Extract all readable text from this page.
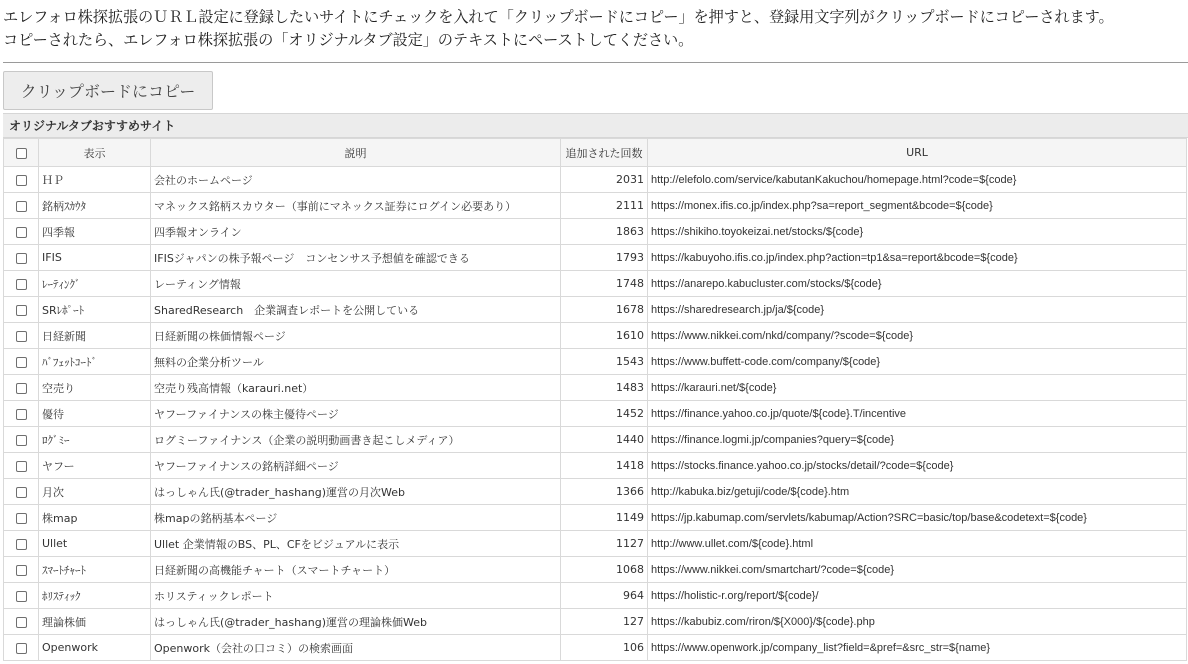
エレフォロ株探拡張のＵＲＬ設定に登録したいサイトにチェックを入れて「クリップボードにコピー」を押すと、登録用文字列がクリップボードにコピーされます。

コピーされたら、エレフォロ株探拡張の「オリジナルタブ設定」のテキストにペーストしてください。

クリップボードにコピー
オリジナルタブおすすめサイト
	表示	説明	追加された回数	URL
	ＨＰ	会社のホームページ	2031	http://elefolo.com/service/kabutanKakuchou/homepage.html?code=${code}
	銘柄ｽｶｳﾀ	マネックス銘柄スカウター（事前にマネックス証券にログイン必要あり）	2111	https://monex.ifis.co.jp/index.php?sa=report_segment&bcode=${code}
	四季報	四季報オンライン	1863	https://shikiho.toyokeizai.net/stocks/${code}
	IFIS	IFISジャパンの株予報ページ　コンセンサス予想値を確認できる	1793	https://kabuyoho.ifis.co.jp/index.php?action=tp1&sa=report&bcode=${code}
	ﾚｰﾃｨﾝｸﾞ	レーティング情報	1748	https://anarepo.kabucluster.com/stocks/${code}
	SRﾚﾎﾟｰﾄ	SharedResearch　企業調査レポートを公開している	1678	https://sharedresearch.jp/ja/${code}
	日経新聞	日経新聞の株価情報ページ	1610	https://www.nikkei.com/nkd/company/?scode=${code}
	ﾊﾞﾌｪｯﾄｺｰﾄﾞ	無料の企業分析ツール	1543	https://www.buffett-code.com/company/${code}
	空売り	空売り残高情報（karauri.net）	1483	https://karauri.net/${code}
	優待	ヤフーファイナンスの株主優待ページ	1452	https://finance.yahoo.co.jp/quote/${code}.T/incentive
	ﾛｸﾞﾐｰ	ログミーファイナンス（企業の説明動画書き起こしメディア）	1440	https://finance.logmi.jp/companies?query=${code}
	ヤフー	ヤフーファイナンスの銘柄詳細ページ	1418	https://stocks.finance.yahoo.co.jp/stocks/detail/?code=${code}
	月次	はっしゃん氏(@trader_hashang)運営の月次Web	1366	http://kabuka.biz/getuji/code/${code}.htm
	株map	株mapの銘柄基本ページ	1149	https://jp.kabumap.com/servlets/kabumap/Action?SRC=basic/top/base&codetext=${code}
	Ullet	Ullet 企業情報のBS、PL、CFをビジュアルに表示	1127	http://www.ullet.com/${code}.html
	ｽﾏｰﾄﾁｬｰﾄ	日経新聞の高機能チャート（スマートチャート）	1068	https://www.nikkei.com/smartchart/?code=${code}
	ﾎﾘｽﾃｨｯｸ	ホリスティックレポート	964	https://holistic-r.org/report/${code}/
	理論株価	はっしゃん氏(@trader_hashang)運営の理論株価Web	127	https://kabubiz.com/riron/${X000}/${code}.php
	Openwork	Openwork（会社の口コミ）の検索画面	106	https://www.openwork.jp/company_list?field=&pref=&src_str=${name}
